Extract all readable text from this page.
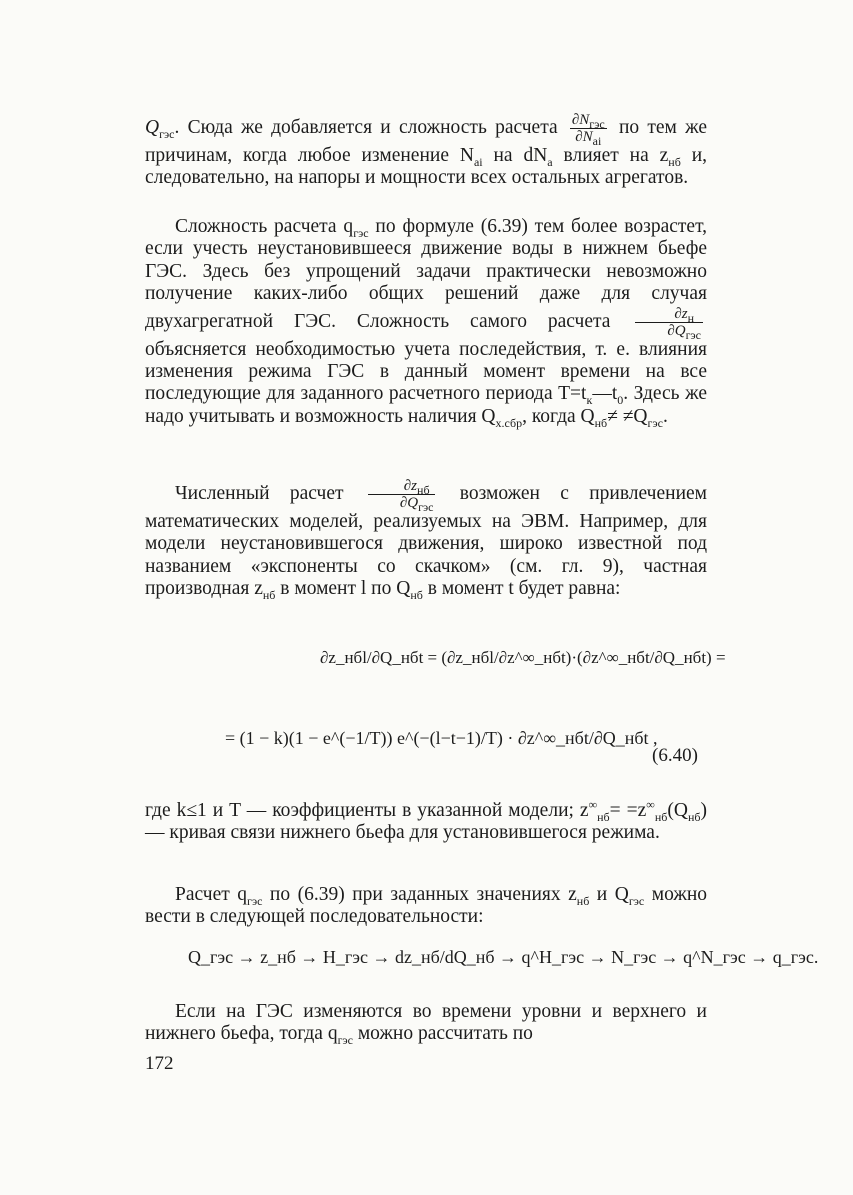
$Q_{гэс}$. Сюда же добавляется и сложность расчета $\frac{\partial N_{гэс}}{\partial N_{ai}}$ по тем же причинам, когда любое изменение $N_{ai}$ на $dN_a$ влияет на $z_{нб}$ и, следовательно, на напоры и мощности всех остальных агрегатов.

Сложность расчета $q_{гэс}$ по формуле (6.39) тем более возрастет, если учесть неустановившееся движение воды в нижнем бьефе ГЭС. Здесь без упрощений задачи практически невозможно получение каких-либо общих решений даже для случая двухагрегатной ГЭС. Сложность самого расчета $\frac{\partial z_н}{\partial Q_{гэс}}$
объясняется необходимостью учета последействия, т. е. влияния изменения режима ГЭС в данный момент времени на все последующие для заданного расчетного периода $T=t_к—t_0$. Здесь же надо учитывать и возможность наличия $Q_{х.сбр}$, когда $Q_{нб}\ne \ne Q_{гэс}$.

Численный расчет $\frac{\partial z_{нб}}{\partial Q_{гэс}}$ возможен с привлечением математических моделей, реализуемых на ЭВМ. Например, для модели неустановившегося движения, широко известной под названием «экспоненты со скачком» (см. гл. 9), частная производная $z_{нб}$ в момент l по $Q_{нб}$ в момент t будет равна:

∂z_нбl/∂Q_нбt = (∂z_нбl/∂z^∞_нбt)·(∂z^∞_нбt/∂Q_нбt) =
= (1 − k)(1 − e^(−1/T)) e^(−(l−t−1)/T) · ∂z^∞_нбt/∂Q_нбt ,
(6.40)

где k≤1 и T — коэффициенты в указанной модели; $z^\infty_{нб}= =z^\infty_{нб}(Q_{нб})$ — кривая связи нижнего бьефа для установившегося режима.

Расчет $q_{гэс}$ по (6.39) при заданных значениях $z_{нб}$ и $Q_{гэс}$ можно вести в следующей последовательности:

Q_гэс → z_нб → H_гэс → dz_нб/dQ_нб → q^H_гэс → N_гэс → q^N_гэс → q_гэс.

Если на ГЭС изменяются во времени уровни и верхнего и нижнего бьефа, тогда $q_{гэс}$ можно рассчитать по

172
